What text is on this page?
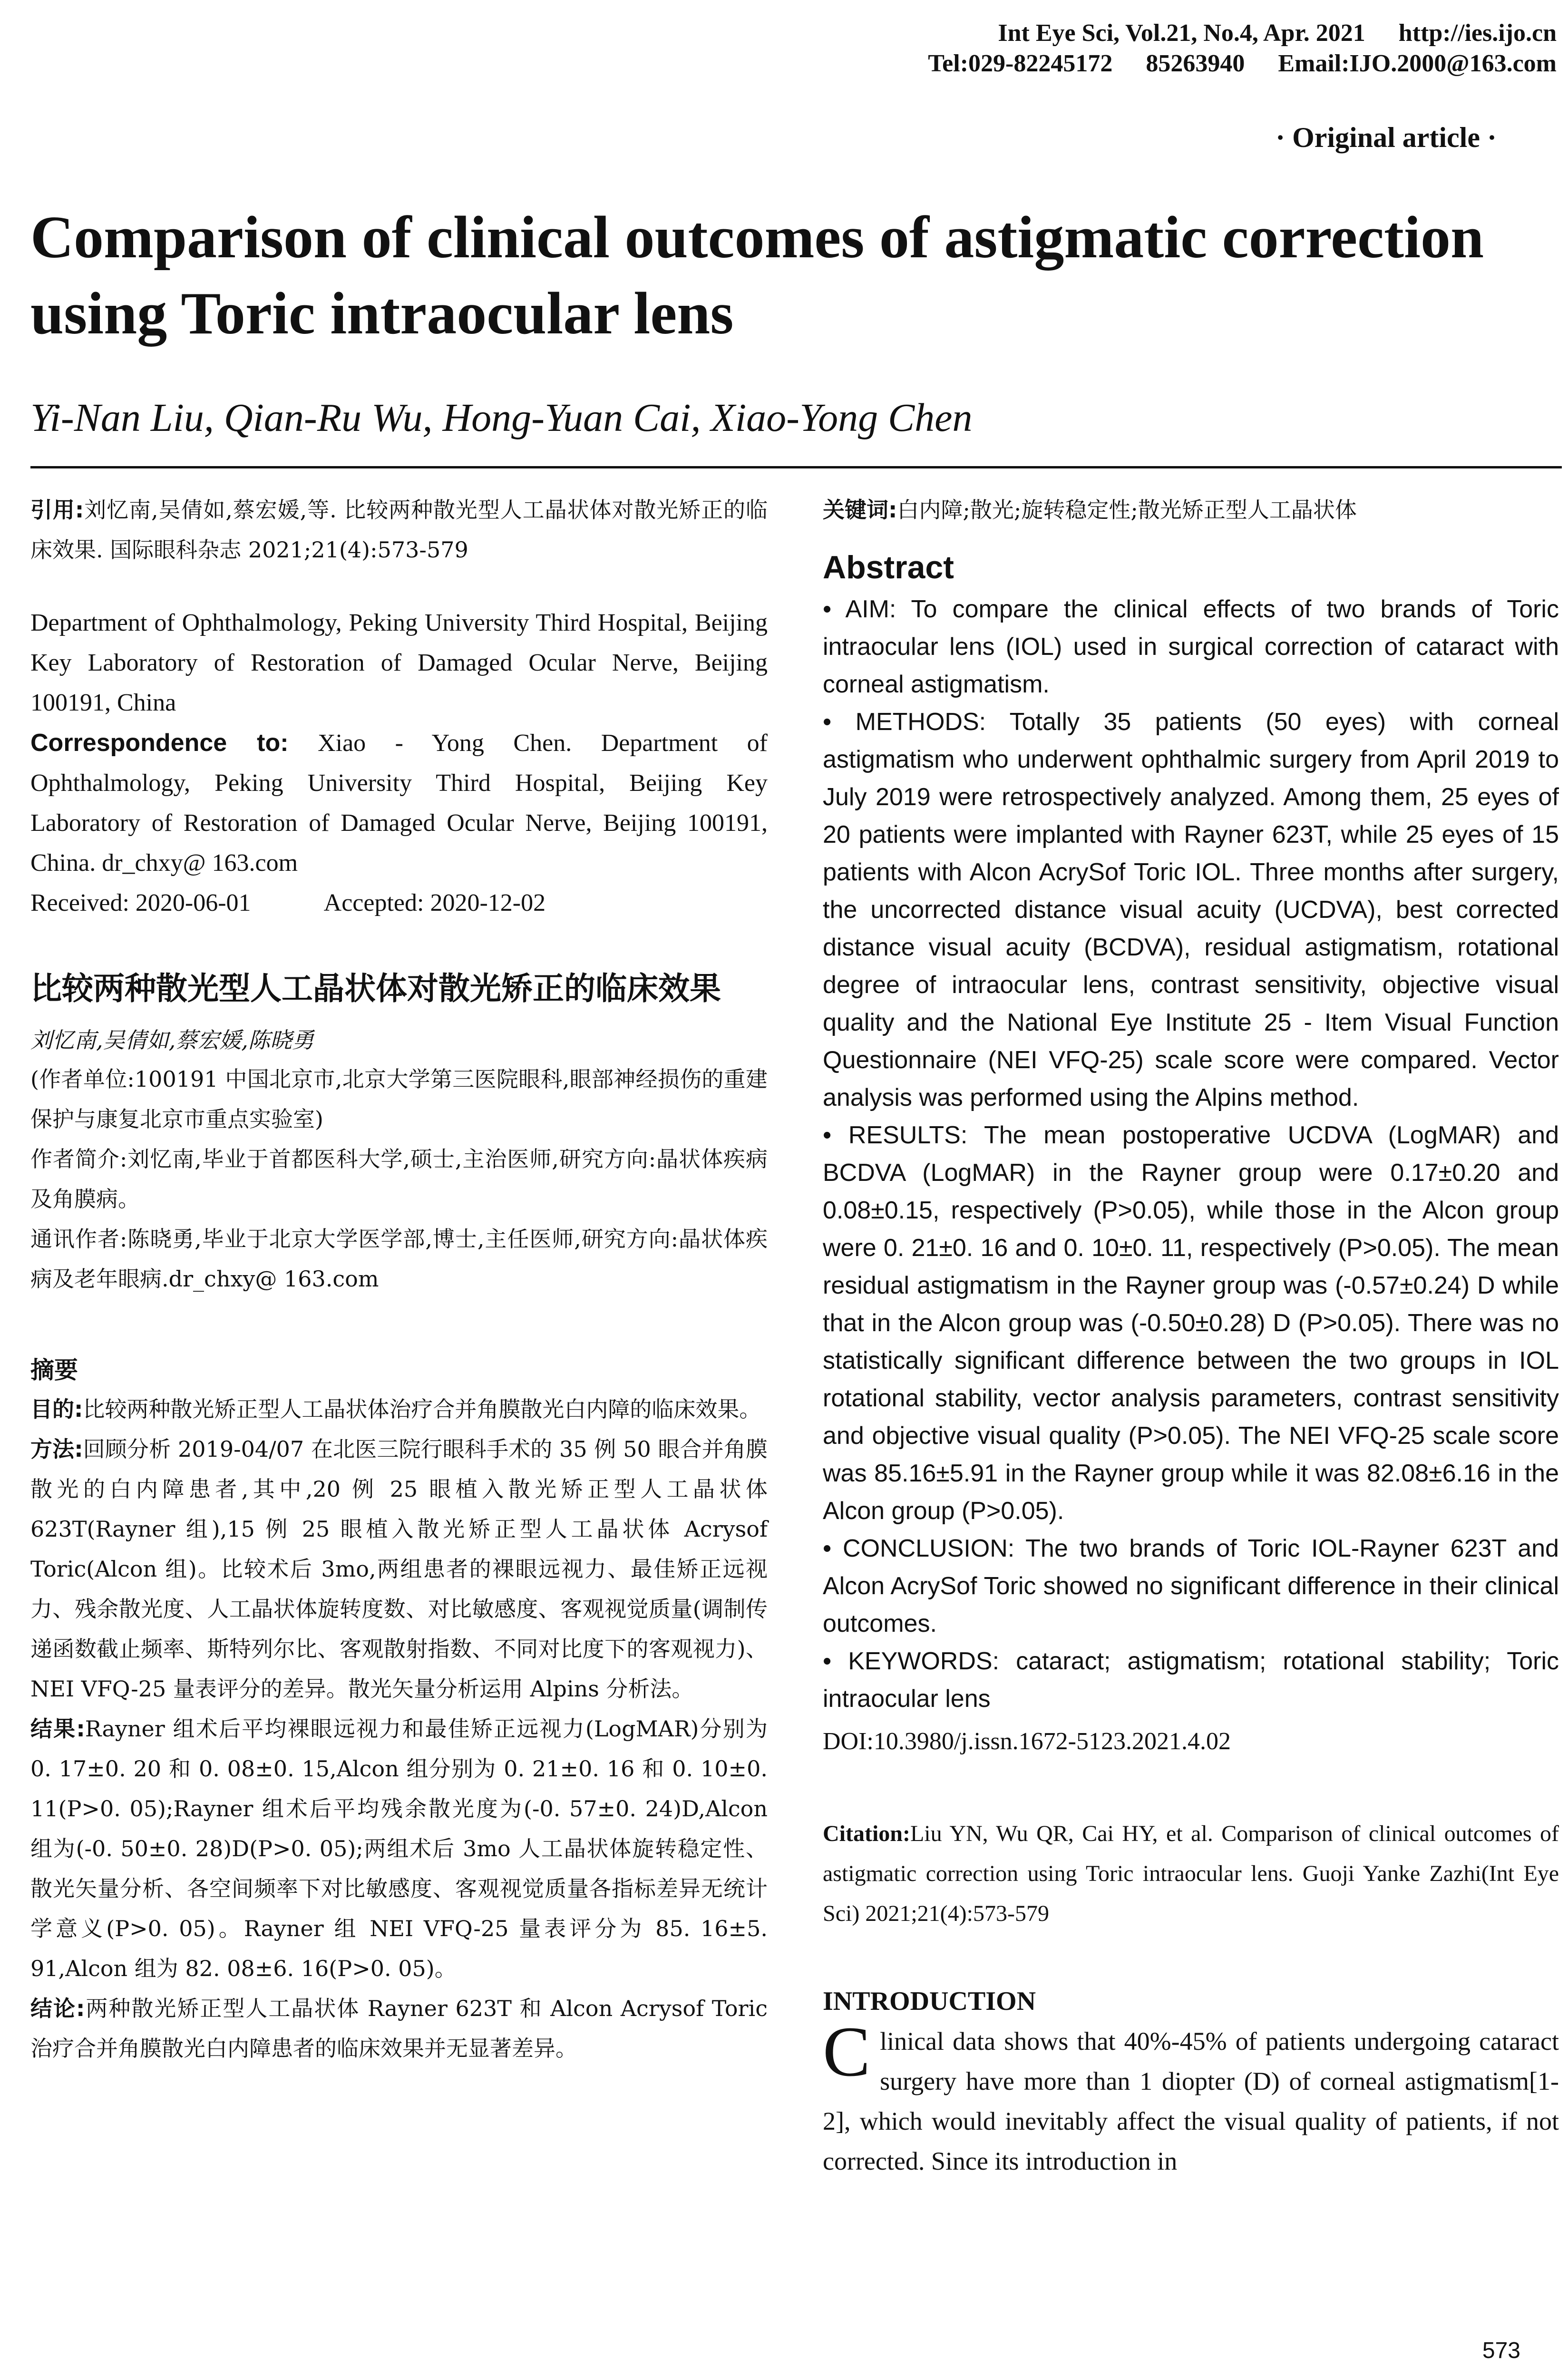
Int Eye Sci, Vol.21, No.4, Apr. 2021 http://ies.ijo.cn
Tel:029-82245172 85263940 Email:IJO.2000@163.com
· Original article ·
Comparison of clinical outcomes of astigmatic correction using Toric intraocular lens
Yi-Nan Liu, Qian-Ru Wu, Hong-Yuan Cai, Xiao-Yong Chen
引用:刘忆南,吴倩如,蔡宏媛,等. 比较两种散光型人工晶状体对散光矫正的临床效果. 国际眼科杂志 2021;21(4):573-579
Department of Ophthalmology, Peking University Third Hospital, Beijing Key Laboratory of Restoration of Damaged Ocular Nerve, Beijing 100191, China
Correspondence to: Xiao - Yong Chen. Department of Ophthalmology, Peking University Third Hospital, Beijing Key Laboratory of Restoration of Damaged Ocular Nerve, Beijing 100191, China. dr_chxy@ 163.com
Received: 2020-06-01	Accepted: 2020-12-02
比较两种散光型人工晶状体对散光矫正的临床效果
刘忆南,吴倩如,蔡宏媛,陈晓勇
(作者单位:100191 中国北京市,北京大学第三医院眼科,眼部神经损伤的重建保护与康复北京市重点实验室)
作者简介:刘忆南,毕业于首都医科大学,硕士,主治医师,研究方向:晶状体疾病及角膜病。
通讯作者:陈晓勇,毕业于北京大学医学部,博士,主任医师,研究方向:晶状体疾病及老年眼病.dr_chxy@ 163.com
摘要
目的:比较两种散光矫正型人工晶状体治疗合并角膜散光白内障的临床效果。
方法:回顾分析 2019-04/07 在北医三院行眼科手术的 35 例 50 眼合并角膜散光的白内障患者,其中,20 例 25 眼植入散光矫正型人工晶状体 623T(Rayner 组),15 例 25 眼植入散光矫正型人工晶状体 Acrysof Toric(Alcon 组)。比较术后 3mo,两组患者的裸眼远视力、最佳矫正远视力、残余散光度、人工晶状体旋转度数、对比敏感度、客观视觉质量(调制传递函数截止频率、斯特列尔比、客观散射指数、不同对比度下的客观视力)、NEI VFQ-25 量表评分的差异。散光矢量分析运用 Alpins 分析法。
结果:Rayner 组术后平均裸眼远视力和最佳矫正远视力(LogMAR)分别为 0. 17±0. 20 和 0. 08±0. 15,Alcon 组分别为 0. 21±0. 16 和 0. 10±0. 11(P>0. 05);Rayner 组术后平均残余散光度为(-0. 57±0. 24)D,Alcon 组为(-0. 50±0. 28)D(P>0. 05);两组术后 3mo 人工晶状体旋转稳定性、散光矢量分析、各空间频率下对比敏感度、客观视觉质量各指标差异无统计学意义(P>0. 05)。Rayner 组 NEI VFQ-25 量表评分为 85. 16±5. 91,Alcon 组为 82. 08±6. 16(P>0. 05)。
结论:两种散光矫正型人工晶状体 Rayner 623T 和 Alcon Acrysof Toric 治疗合并角膜散光白内障患者的临床效果并无显著差异。
关键词:白内障;散光;旋转稳定性;散光矫正型人工晶状体
Abstract

• AIM: To compare the clinical effects of two brands of Toric intraocular lens (IOL) used in surgical correction of cataract with corneal astigmatism.

• METHODS: Totally 35 patients (50 eyes) with corneal astigmatism who underwent ophthalmic surgery from April 2019 to July 2019 were retrospectively analyzed. Among them, 25 eyes of 20 patients were implanted with Rayner 623T, while 25 eyes of 15 patients with Alcon AcrySof Toric IOL. Three months after surgery, the uncorrected distance visual acuity (UCDVA), best corrected distance visual acuity (BCDVA), residual astigmatism, rotational degree of intraocular lens, contrast sensitivity, objective visual quality and the National Eye Institute 25 - Item Visual Function Questionnaire (NEI VFQ-25) scale score were compared. Vector analysis was performed using the Alpins method.

• RESULTS: The mean postoperative UCDVA (LogMAR) and BCDVA (LogMAR) in the Rayner group were 0.17±0.20 and 0.08±0.15, respectively (P>0.05), while those in the Alcon group were 0. 21±0. 16 and 0. 10±0. 11, respectively (P>0.05). The mean residual astigmatism in the Rayner group was (-0.57±0.24) D while that in the Alcon group was (-0.50±0.28) D (P>0.05). There was no statistically significant difference between the two groups in IOL rotational stability, vector analysis parameters, contrast sensitivity and objective visual quality (P>0.05). The NEI VFQ-25 scale score was 85.16±5.91 in the Rayner group while it was 82.08±6.16 in the Alcon group (P>0.05).

• CONCLUSION: The two brands of Toric IOL-Rayner 623T and Alcon AcrySof Toric showed no significant difference in their clinical outcomes.

• KEYWORDS: cataract; astigmatism; rotational stability; Toric intraocular lens

DOI:10.3980/j.issn.1672-5123.2021.4.02
Citation:Liu YN, Wu QR, Cai HY, et al. Comparison of clinical outcomes of astigmatic correction using Toric intraocular lens. Guoji Yanke Zazhi(Int Eye Sci) 2021;21(4):573-579
INTRODUCTION
Clinical data shows that 40%-45% of patients undergoing cataract surgery have more than 1 diopter (D) of corneal astigmatism[1-2], which would inevitably affect the visual quality of patients, if not corrected. Since its introduction in
573
